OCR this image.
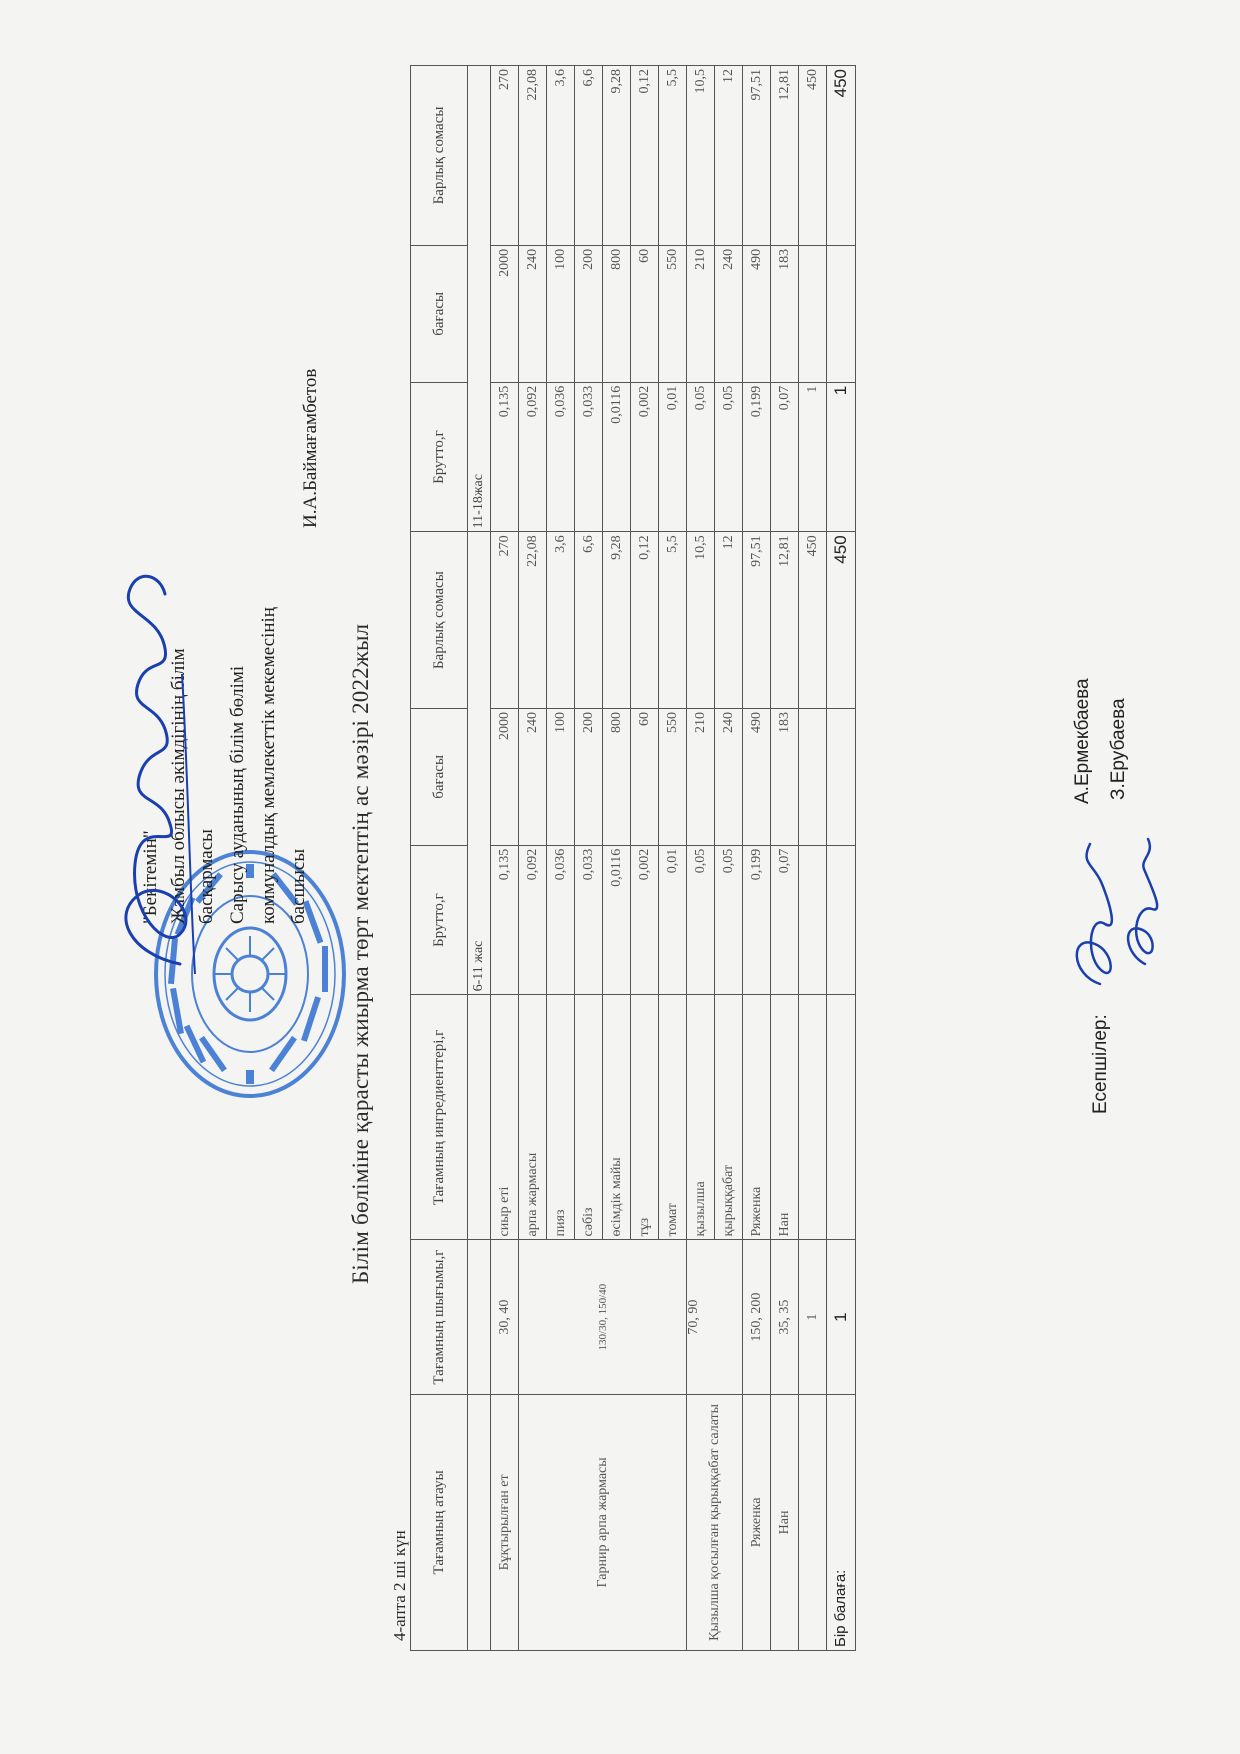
"Бекітемін" Жамбыл облысы әкімдігінің білім басқармасы Сарысу ауданының білім бөлімі коммуналдық мемлекеттік мекемесінің басшысы
И.А.Баймағамбетов
Білім бөліміне қарасты жиырма төрт мектептің ас мәзірі 2022жыл
4-апта 2 ші күн
Тағамның атауы	Тағамның шығымы,г	Тағамның ингредиенттері,г	Брутто,г	бағасы	Барлық сомасы	Брутто,г	бағасы	Барлық сомасы
			6-11 жас			11-18жас		
Бұқтырылған ет	30, 40	сиыр еті	0,135	2000	270	0,135	2000	270
Гарнир арпа жармасы	130/30, 150/40	арпа жармасы	0,092	240	22,08	0,092	240	22,08
		пияз	0,036	100	3,6	0,036	100	3,6
		сәбіз	0,033	200	6,6	0,033	200	6,6
		өсімдік майы	0,0116	800	9,28	0,0116	800	9,28
		тұз	0,002	60	0,12	0,002	60	0,12
		томат	0,01	550	5,5	0,01	550	5,5
Қызылша қосылған қырыққабат салаты	70, 90	қызылша	0,05	210	10,5	0,05	210	10,5
		қырыққабат	0,05	240	12	0,05	240	12
Ряженка	150, 200	Ряженка	0,199	490	97,51	0,199	490	97,51
Нан	35, 35	Нан	0,07	183	12,81	0,07	183	12,81
	1				450	1		450
Бір балаға:	1				450	1		450
Есепшілер:
А.Ермекбаева З.Ерубаева
